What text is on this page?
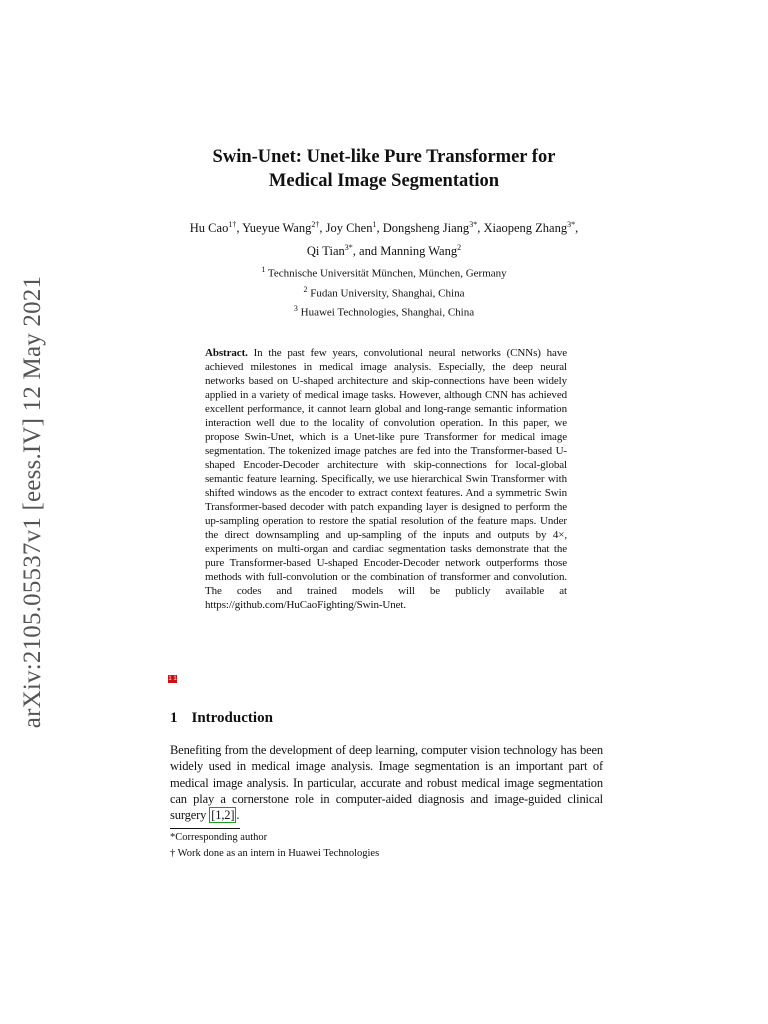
arXiv:2105.05537v1 [eess.IV] 12 May 2021
Swin-Unet: Unet-like Pure Transformer for
Medical Image Segmentation
Hu Cao$^{1\dagger}$, Yueyue Wang$^{2\dagger}$, Joy Chen$^1$, Dongsheng Jiang$^{3*}$, Xiaopeng Zhang$^{3*}$,
Qi Tian$^{3*}$, and Manning Wang$^2$
$^1$ Technische Universität München, München, Germany
$^2$ Fudan University, Shanghai, China
$^3$ Huawei Technologies, Shanghai, China
Abstract. In the past few years, convolutional neural networks (CNNs) have achieved milestones in medical image analysis. Especially, the deep neural networks based on U-shaped architecture and skip-connections have been widely applied in a variety of medical image tasks. However, although CNN has achieved excellent performance, it cannot learn global and long-range semantic information interaction well due to the locality of convolution operation. In this paper, we propose Swin-Unet, which is a Unet-like pure Transformer for medical image segmentation. The tokenized image patches are fed into the Transformer-based U-shaped Encoder-Decoder architecture with skip-connections for local-global semantic feature learning. Specifically, we use hierarchical Swin Transformer with shifted windows as the encoder to extract context features. And a symmetric Swin Transformer-based decoder with patch expanding layer is designed to perform the up-sampling operation to restore the spatial resolution of the feature maps. Under the direct downsampling and up-sampling of the inputs and outputs by 4×, experiments on multi-organ and cardiac segmentation tasks demonstrate that the pure Transformer-based U-shaped Encoder-Decoder network outperforms those methods with full-convolution or the combination of transformer and convolution. The codes and trained models will be publicly available at https://github.com/HuCaoFighting/Swin-Unet.
1 1
1 Introduction
Benefiting from the development of deep learning, computer vision technology has been widely used in medical image analysis. Image segmentation is an important part of medical image analysis. In particular, accurate and robust medical image segmentation can play a cornerstone role in computer-aided diagnosis and image-guided clinical surgery [1,2] .
*Corresponding author
† Work done as an intern in Huawei Technologies
